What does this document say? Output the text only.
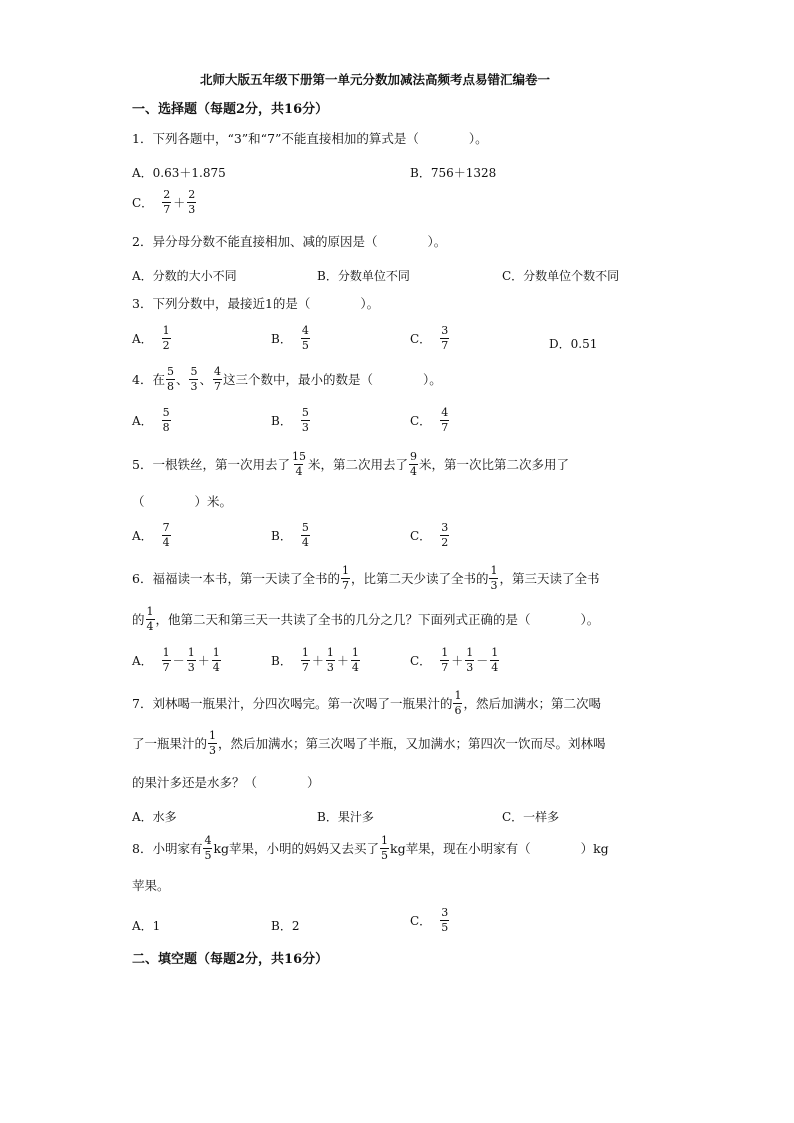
北师大版五年级下册第一单元分数加减法高频考点易错汇编卷一
一、选择题（每题2分，共16分）
1．下列各题中，“3”和“7”不能直接相加的算式是（　　　　）。
A． 0.63＋1.875	B． 756＋1328
C． $\frac{2}{7} + \frac{2}{3}$
2．异分母分数不能直接相加、减的原因是（　　　　）。
A．分数的大小不同	B．分数单位不同	C．分数单位个数不同
3．下列分数中，最接近1的是（　　　　）。
A． $\frac{1}{2}$	B． $\frac{4}{5}$	C． $\frac{3}{7}$	D．0.51
4．在 $\frac{5}{8}$ 、 $\frac{5}{3}$ 、 $\frac{4}{7}$ 这三个数中，最小的数是（　　　　）。
A． $\frac{5}{8}$	B． $\frac{5}{3}$	C． $\frac{4}{7}$
5．一根铁丝，第一次用去了 $\frac{15}{4}$ 米，第二次用去了 $\frac{9}{4}$ 米，第一次比第二次多用了
（　　　　）米。
A． $\frac{7}{4}$	B． $\frac{5}{4}$	C． $\frac{3}{2}$
6．福福读一本书，第一天读了全书的 $\frac{1}{7}$ ，比第二天少读了全书的 $\frac{1}{3}$ ，第三天读了全书
的 $\frac{1}{4}$ ，他第二天和第三天一共读了全书的几分之几？下面列式正确的是（　　　　）。
A． $\frac{1}{7} - \frac{1}{3} + \frac{1}{4}$	B． $\frac{1}{7} + \frac{1}{3} + \frac{1}{4}$	C． $\frac{1}{7} + \frac{1}{3} - \frac{1}{4}$
7．刘林喝一瓶果汁，分四次喝完。第一次喝了一瓶果汁的 $\frac{1}{6}$ ，然后加满水；第二次喝
了一瓶果汁的 $\frac{1}{3}$ ，然后加满水；第三次喝了半瓶，又加满水；第四次一饮而尽。刘林喝
的果汁多还是水多？（　　　　）
A．水多	B．果汁多	C．一样多
8．小明家有 $\frac{4}{5}$ kg苹果，小明的妈妈又去买了 $\frac{1}{5}$ kg苹果，现在小明家有（　　　　）kg
苹果。
A．1	B．2	C． $\frac{3}{5}$
二、填空题（每题2分，共16分）
